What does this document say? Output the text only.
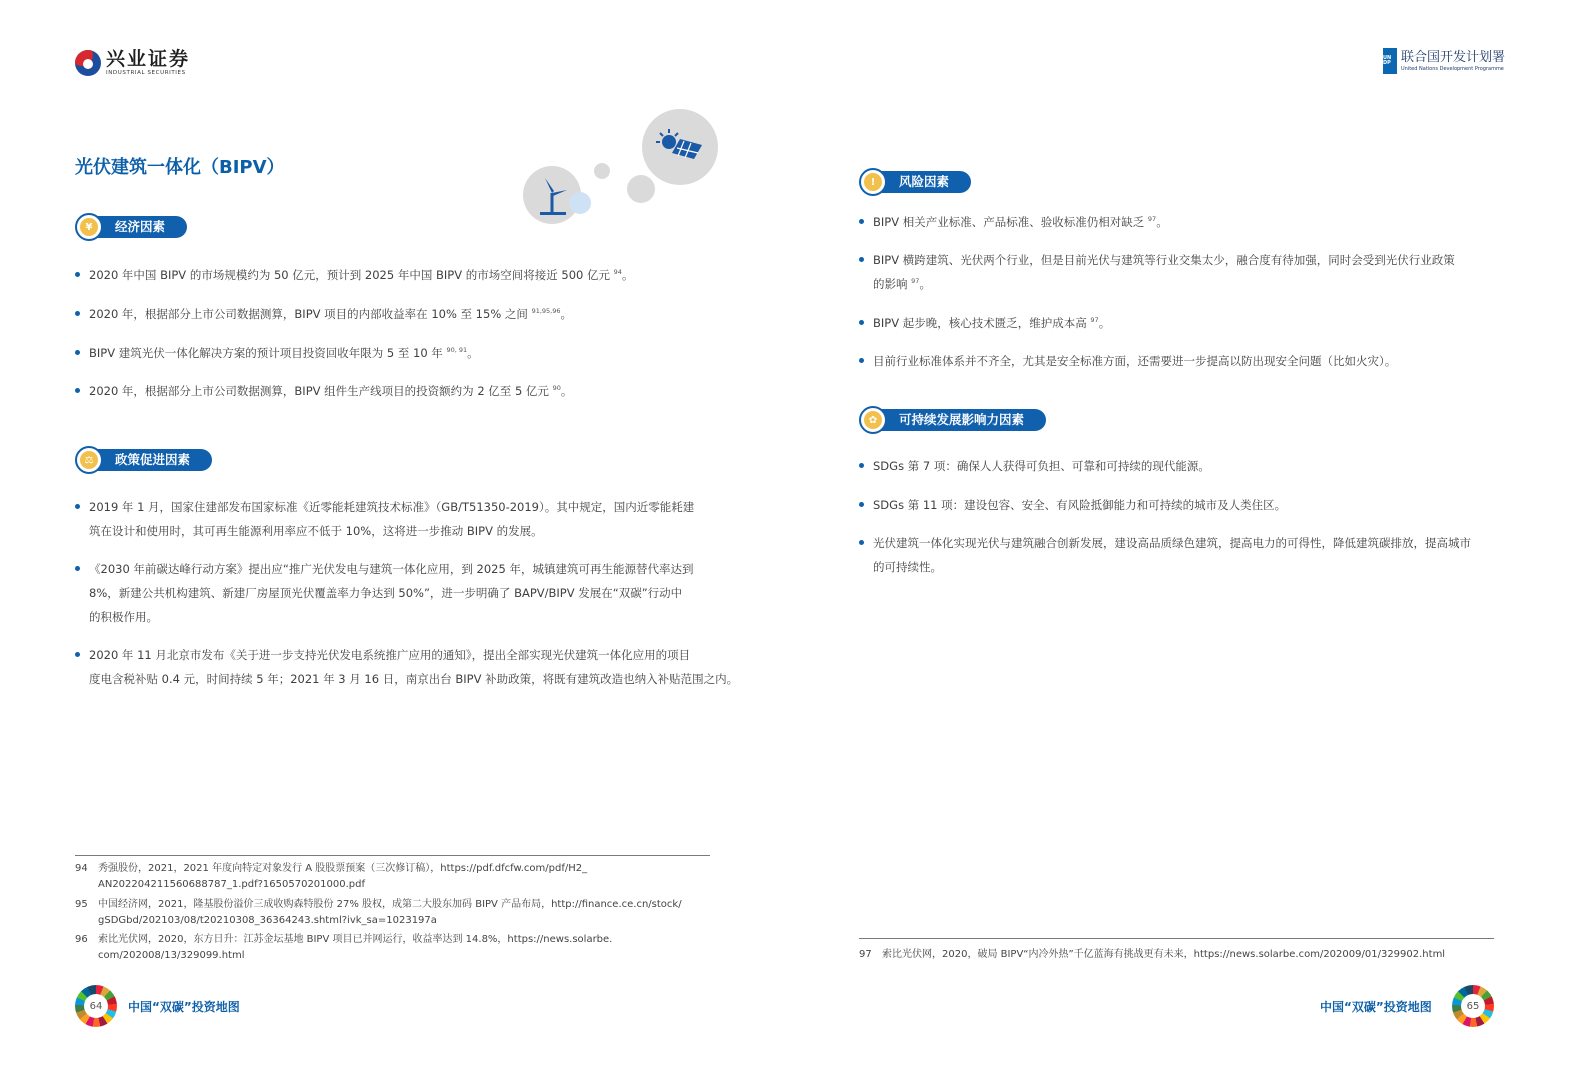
兴业证券
INDUSTRIAL SECURITIES
UN DP 联合国开发计划署
United Nations Development Programme
光伏建筑一体化（BIPV）
¥	经济因素
2020 年中国 BIPV 的市场规模约为 50 亿元，预计到 2025 年中国 BIPV 的市场空间将接近 500 亿元 $^{94}$。
2020 年，根据部分上市公司数据测算，BIPV 项目的内部收益率在 10% 至 15% 之间 $^{91,95,96}$。
BIPV 建筑光伏一体化解决方案的预计项目投资回收年限为 5 至 10 年 $^{90, 91}$。
2020 年，根据部分上市公司数据测算，BIPV 组件生产线项目的投资额约为 2 亿至 5 亿元 $^{90}$。
⚖	政策促进因素
2019 年 1 月，国家住建部发布国家标准《近零能耗建筑技术标准》（GB/T51350-2019）。其中规定，国内近零能耗建
筑在设计和使用时，其可再生能源利用率应不低于 10%，这将进一步推动 BIPV 的发展。
《2030 年前碳达峰行动方案》提出应“推广光伏发电与建筑一体化应用，到 2025 年，城镇建筑可再生能源替代率达到
8%，新建公共机构建筑、新建厂房屋顶光伏覆盖率力争达到 50%”，进一步明确了 BAPV/BIPV 发展在“双碳”行动中
的积极作用。
2020 年 11 月北京市发布《关于进一步支持光伏发电系统推广应用的通知》，提出全部实现光伏建筑一体化应用的项目
度电含税补贴 0.4 元，时间持续 5 年；2021 年 3 月 16 日，南京出台 BIPV 补助政策，将既有建筑改造也纳入补贴范围之内。
94	秀强股份，2021，2021 年度向特定对象发行 A 股股票预案（三次修订稿），https://pdf.dfcfw.com/pdf/H2_
AN202204211560688787_1.pdf?1650570201000.pdf
95	中国经济网，2021，隆基股份溢价三成收购森特股份 27% 股权，成第二大股东加码 BIPV 产品布局，http://finance.ce.cn/stock/
gSDGbd/202103/08/t20210308_36364243.shtml?ivk_sa=1023197a
96	索比光伏网，2020，东方日升：江苏金坛基地 BIPV 项目已并网运行，收益率达到 14.8%，https://news.solarbe.
com/202008/13/329099.html
!	风险因素
BIPV 相关产业标准、产品标准、验收标准仍相对缺乏 $^{97}$。
BIPV 横跨建筑、光伏两个行业，但是目前光伏与建筑等行业交集太少，融合度有待加强，同时会受到光伏行业政策
的影响 $^{97}$。
BIPV 起步晚，核心技术匮乏，维护成本高 $^{97}$。
目前行业标准体系并不齐全，尤其是安全标准方面，还需要进一步提高以防出现安全问题（比如火灾）。
✿	可持续发展影响力因素
SDGs 第 7 项：确保人人获得可负担、可靠和可持续的现代能源。
SDGs 第 11 项：建设包容、安全、有风险抵御能力和可持续的城市及人类住区。
光伏建筑一体化实现光伏与建筑融合创新发展，建设高品质绿色建筑，提高电力的可得性，降低建筑碳排放，提高城市
的可持续性。
97	索比光伏网，2020，破局 BIPV“内冷外热”千亿蓝海有挑战更有未来，https://news.solarbe.com/202009/01/329902.html
64	中国“双碳”投资地图	中国“双碳”投资地图	65
